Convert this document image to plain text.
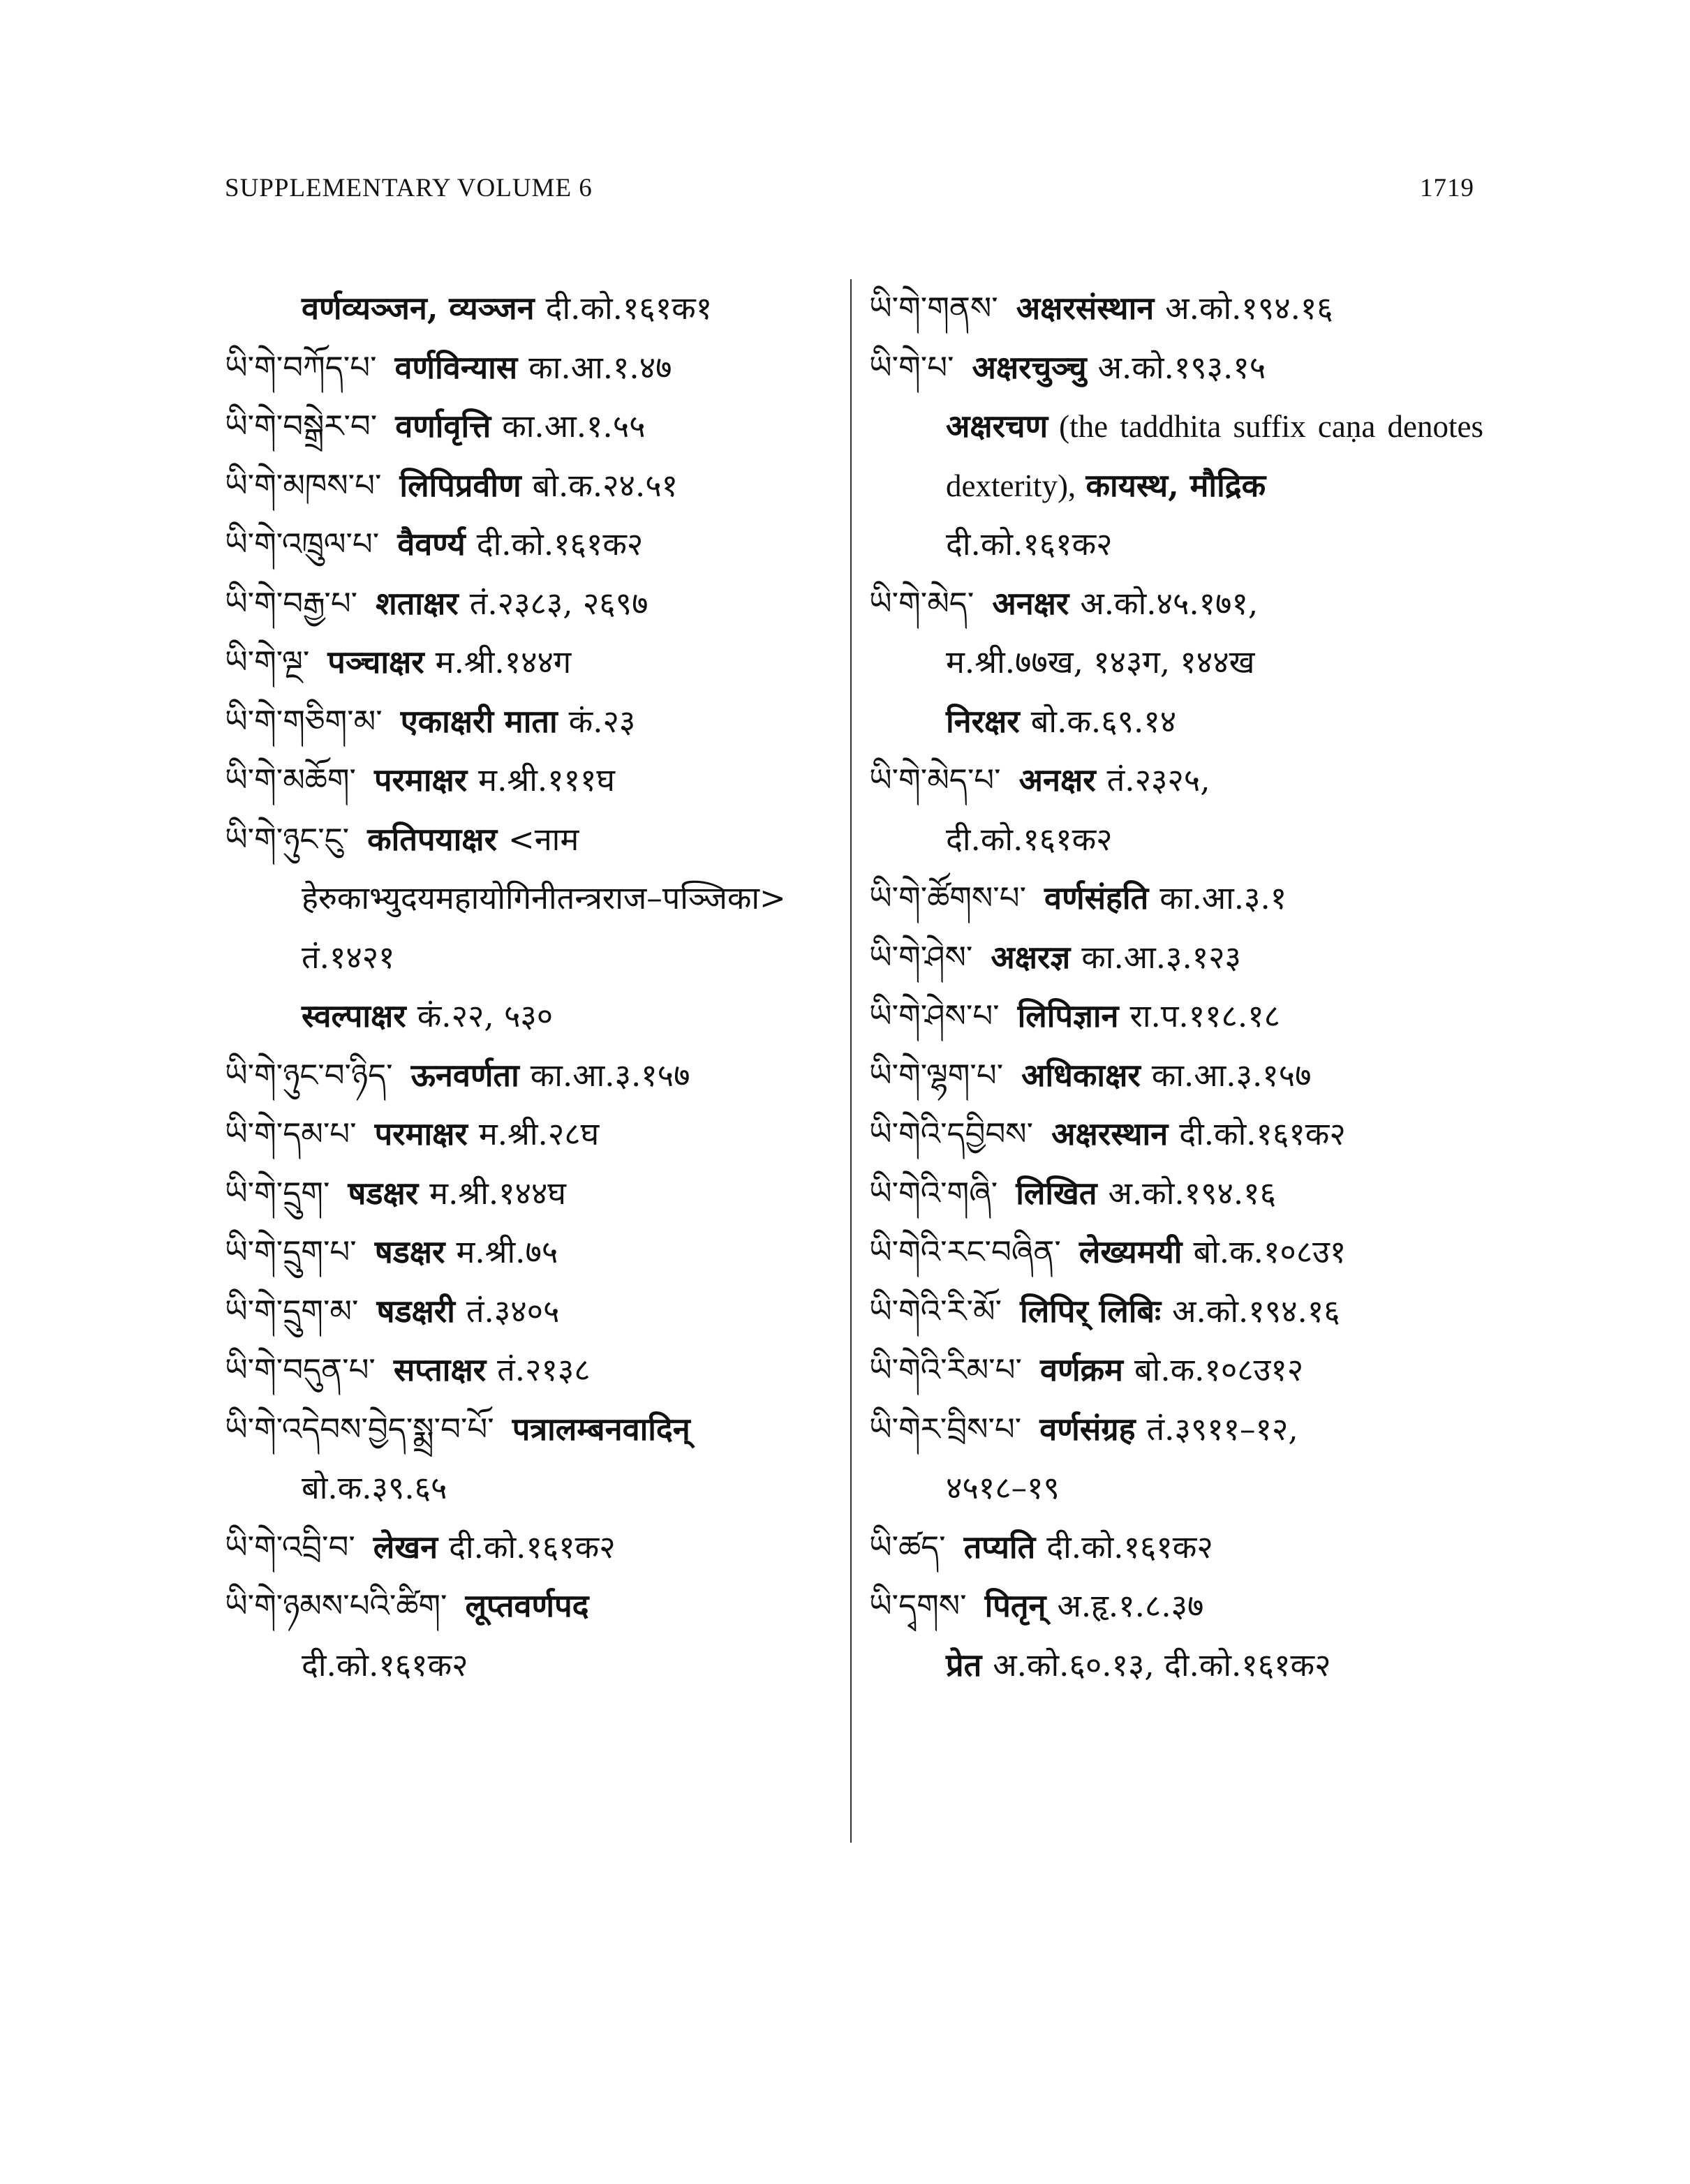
SUPPLEMENTARY VOLUME 6	1719
वर्णव्यञ्जन, व्यञ्जन दी.को.१६१क१
ཡི་གེ་བཀོད་པ་ वर्णविन्यास का.आ.१.४७
ཡི་གེ་བསྒྲེར་བ་ वर्णावृत्ति का.आ.१.५५
ཡི་གེ་མཁས་པ་ लिपिप्रवीण बो.क.२४.५१
ཡི་གེ་འཁྲུལ་པ་ वैवर्ण्य दी.को.१६१क२
ཡི་གེ་བརྒྱ་པ་ शताक्षर तं.२३८३, २६९७
ཡི་གེ་ལྔ་ पञ्चाक्षर म.श्री.१४४ग
ཡི་གེ་གཅིག་མ་ एकाक्षरी माता कं.२३
ཡི་གེ་མཆོག་ परमाक्षर म.श्री.१११घ
ཡི་གེ་ཉུང་ངུ་ कतिपयाक्षर <नाम
हेरुकाभ्युदयमहायोगिनीतन्त्रराज–पञ्जिका>
तं.१४२१
स्वल्पाक्षर कं.२२, ५३०
ཡི་གེ་ཉུང་བ་ཉིད་ ऊनवर्णता का.आ.३.१५७
ཡི་གེ་དམ་པ་ परमाक्षर म.श्री.२८घ
ཡི་གེ་དྲུག་ षडक्षर म.श्री.१४४घ
ཡི་གེ་དྲུག་པ་ षडक्षर म.श्री.७५
ཡི་གེ་དྲུག་མ་ षडक्षरी तं.३४०५
ཡི་གེ་བདུན་པ་ सप्ताक्षर तं.२१३८
ཡི་གེ་འདེབས་བྱེད་སྨྲ་བ་པོ་ पत्रालम्बनवादिन्
बो.क.३९.६५
ཡི་གེ་འབྲི་བ་ लेखन दी.को.१६१क२
ཡི་གེ་ཉམས་པའི་ཚིག་ लूप्तवर्णपद
दी.को.१६१क२
ཡི་གེ་གནས་ अक्षरसंस्थान अ.को.१९४.१६
ཡི་གེ་པ་ अक्षरचुञ्चु अ.को.१९३.१५
अक्षरचण (the taddhita suffix caṇa denotes dexterity), कायस्थ, मौद्रिक
दी.को.१६१क२
ཡི་གེ་མེད་ अनक्षर अ.को.४५.१७१,
म.श्री.७७ख, १४३ग, १४४ख
निरक्षर बो.क.६९.१४
ཡི་གེ་མེད་པ་ अनक्षर तं.२३२५,
दी.को.१६१क२
ཡི་གེ་ཚོགས་པ་ वर्णसंहति का.आ.३.१
ཡི་གེ་ཤེས་ अक्षरज्ञ का.आ.३.१२३
ཡི་གེ་ཤེས་པ་ लिपिज्ञान रा.प.११८.१८
ཡི་གེ་ལྷག་པ་ अधिकाक्षर का.आ.३.१५७
ཡི་གེའི་དབྱིབས་ अक्षरस्थान दी.को.१६१क२
ཡི་གེའི་གཞི་ लिखित अ.को.१९४.१६
ཡི་གེའི་རང་བཞིན་ लेख्यमयी बो.क.१०८उ१
ཡི་གེའི་རི་མོ་ लिपिर् लिबिः अ.को.१९४.१६
ཡི་གེའི་རིམ་པ་ वर्णक्रम बो.क.१०८उ१२
ཡི་གེར་བྲིས་པ་ वर्णसंग्रह तं.३९११–१२,
४५१८–१९
ཡི་ཚད་ तप्यति दी.को.१६१क२
ཡི་དྭགས་ पितृन् अ.हृ.१.८.३७
प्रेत अ.को.६०.१३, दी.को.१६१क२
